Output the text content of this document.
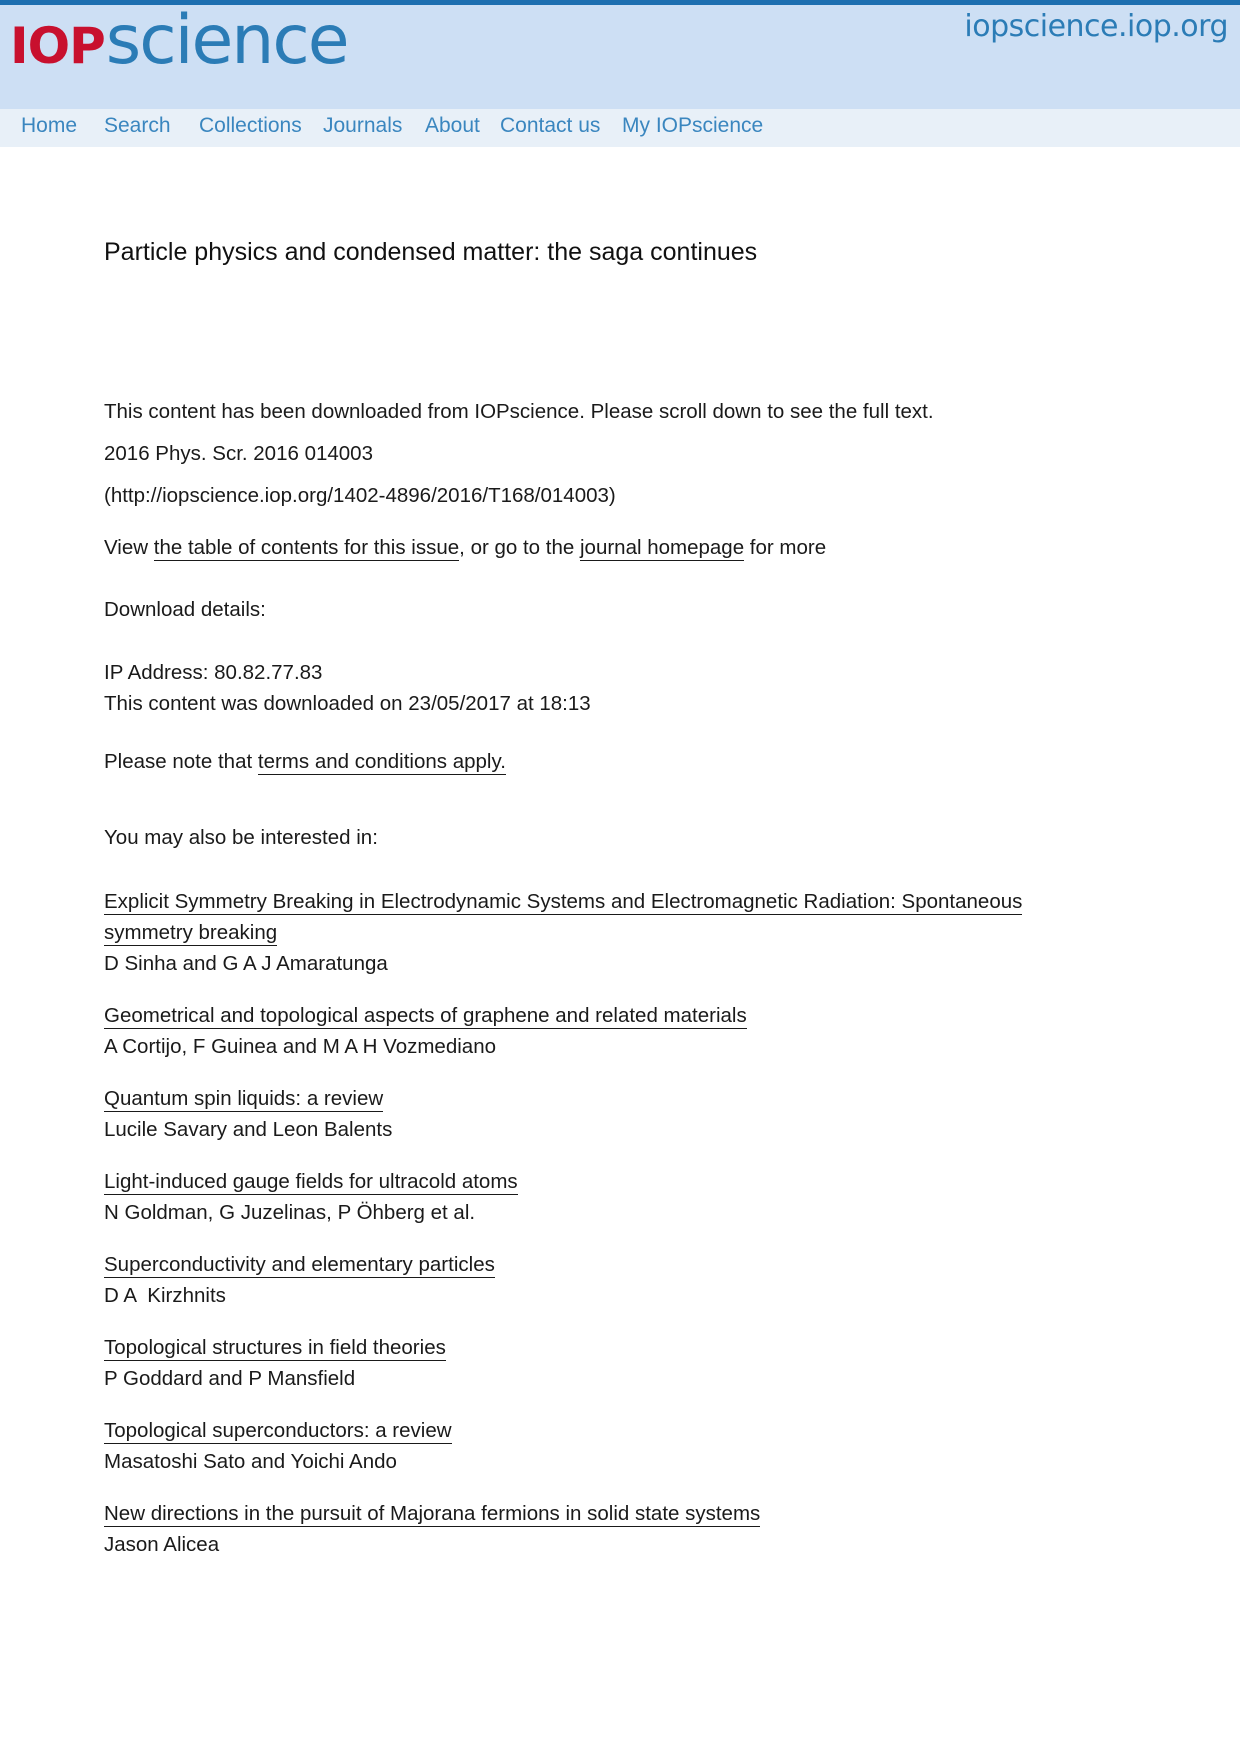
IOP science	iopscience.iop.org
Home Search Collections Journals About Contact us My IOPscience
Particle physics and condensed matter: the saga continues
This content has been downloaded from IOPscience. Please scroll down to see the full text.
2016 Phys. Scr. 2016 014003
(http://iopscience.iop.org/1402-4896/2016/T168/014003)
View the table of contents for this issue, or go to the journal homepage for more
Download details:
IP Address: 80.82.77.83
This content was downloaded on 23/05/2017 at 18:13
Please note that terms and conditions apply.
You may also be interested in:
Explicit Symmetry Breaking in Electrodynamic Systems and Electromagnetic Radiation: Spontaneous symmetry breaking
D Sinha and G A J Amaratunga
Geometrical and topological aspects of graphene and related materials
A Cortijo, F Guinea and M A H Vozmediano
Quantum spin liquids: a review
Lucile Savary and Leon Balents
Light-induced gauge fields for ultracold atoms
N Goldman, G Juzelinas, P Öhberg et al.
Superconductivity and elementary particles
D A  Kirzhnits
Topological structures in field theories
P Goddard and P Mansfield
Topological superconductors: a review
Masatoshi Sato and Yoichi Ando
New directions in the pursuit of Majorana fermions in solid state systems
Jason Alicea
